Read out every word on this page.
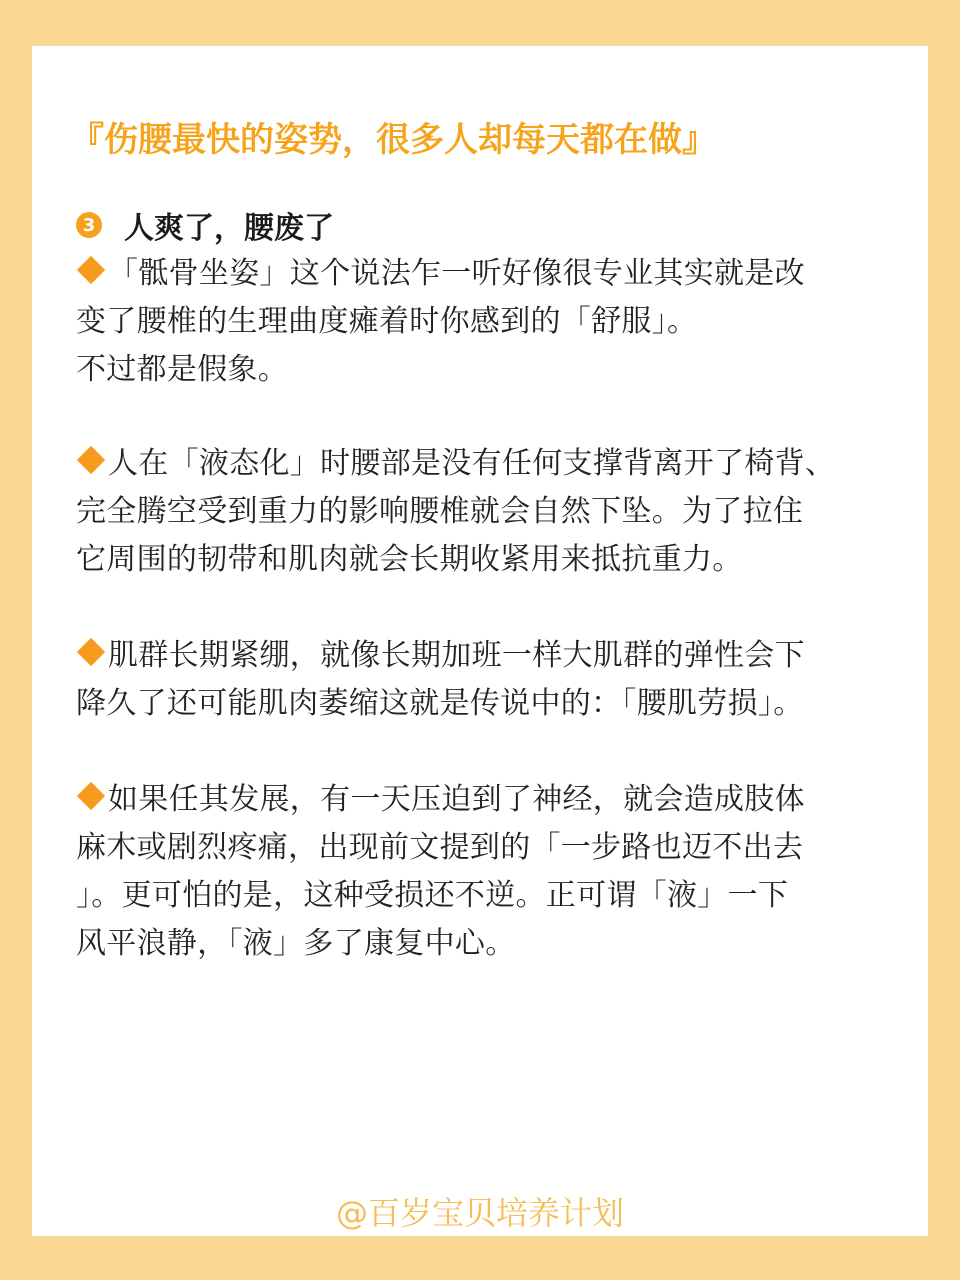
『伤腰最快的姿势，很多人却每天都在做』
3 人爽了，腰废了
「骶骨坐姿」这个说法乍一听好像很专业其实就是改
变了腰椎的生理曲度瘫着时你感到的「舒服」。
不过都是假象。
人在「液态化」时腰部是没有任何支撑背离开了椅背、
完全腾空受到重力的影响腰椎就会自然下坠。为了拉住
它周围的韧带和肌肉就会长期收紧用来抵抗重力。
肌群长期紧绷，就像长期加班一样大肌群的弹性会下
降久了还可能肌肉萎缩这就是传说中的：「腰肌劳损」。
如果任其发展，有一天压迫到了神经，就会造成肢体
麻木或剧烈疼痛，出现前文提到的「一步路也迈不出去
」。更可怕的是，这种受损还不逆。正可谓「液」一下
风平浪静，「液」多了康复中心。
@百岁宝贝培养计划
